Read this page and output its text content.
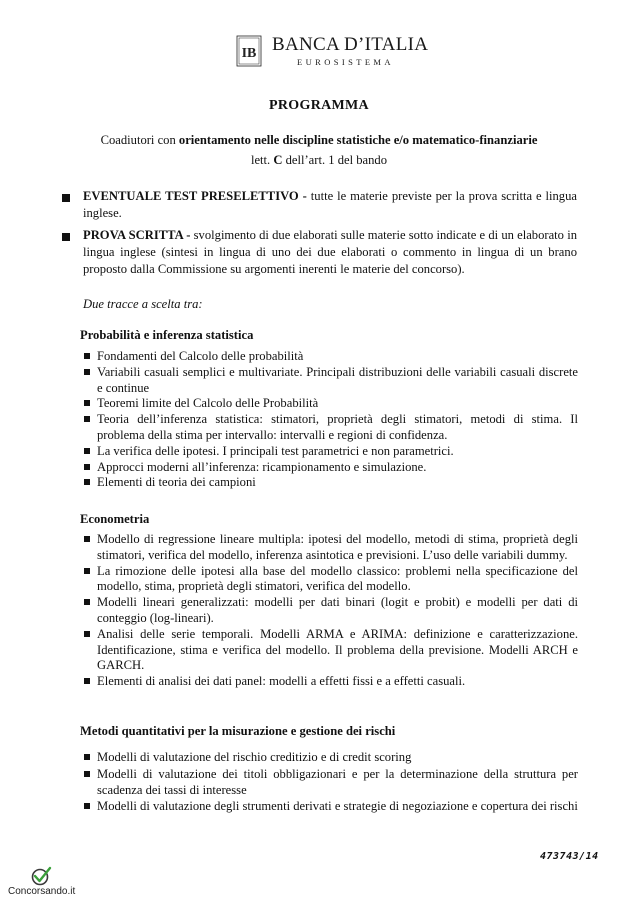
IB BANCA D’ITALIA
EUROSISTEMA
PROGRAMMA
Coadiutori con orientamento nelle discipline statistiche e/o matematico-finanziarie
lett. C dell’art. 1 del bando
EVENTUALE TEST PRESELETTIVO - tutte le materie previste per la prova scritta e lingua inglese.
PROVA SCRITTA - svolgimento di due elaborati sulle materie sotto indicate e di un elaborato in lingua inglese (sintesi in lingua di uno dei due elaborati o commento in lingua di un brano proposto dalla Commissione su argomenti inerenti le materie del concorso).
Due tracce a scelta tra:
Probabilità e inferenza statistica
Fondamenti del Calcolo delle probabilità
Variabili casuali semplici e multivariate. Principali distribuzioni delle variabili casuali discrete e continue
Teoremi limite del Calcolo delle Probabilità
Teoria dell’inferenza statistica: stimatori, proprietà degli stimatori, metodi di stima. Il problema della stima per intervallo: intervalli e regioni di confidenza.
La verifica delle ipotesi. I principali test parametrici e non parametrici.
Approcci moderni all’inferenza: ricampionamento e simulazione.
Elementi di teoria dei campioni
Econometria
Modello di regressione lineare multipla: ipotesi del modello, metodi di stima, proprietà degli stimatori, verifica del modello, inferenza asintotica e previsioni. L’uso delle variabili dummy.
La rimozione delle ipotesi alla base del modello classico: problemi nella specificazione del modello, stima, proprietà degli stimatori, verifica del modello.
Modelli lineari generalizzati: modelli per dati binari (logit e probit) e modelli per dati di conteggio (log-lineari).
Analisi delle serie temporali. Modelli ARMA e ARIMA: definizione e caratterizzazione. Identificazione, stima e verifica del modello. Il problema della previsione. Modelli ARCH e GARCH.
Elementi di analisi dei dati panel: modelli a effetti fissi e a effetti casuali.
Metodi quantitativi per la misurazione e gestione dei rischi
Modelli di valutazione del rischio creditizio e di credit scoring
Modelli di valutazione dei titoli obbligazionari e per la determinazione della struttura per scadenza dei tassi di interesse
Modelli di valutazione degli strumenti derivati e strategie di negoziazione e copertura dei rischi
473743/14
Concorsando.it
